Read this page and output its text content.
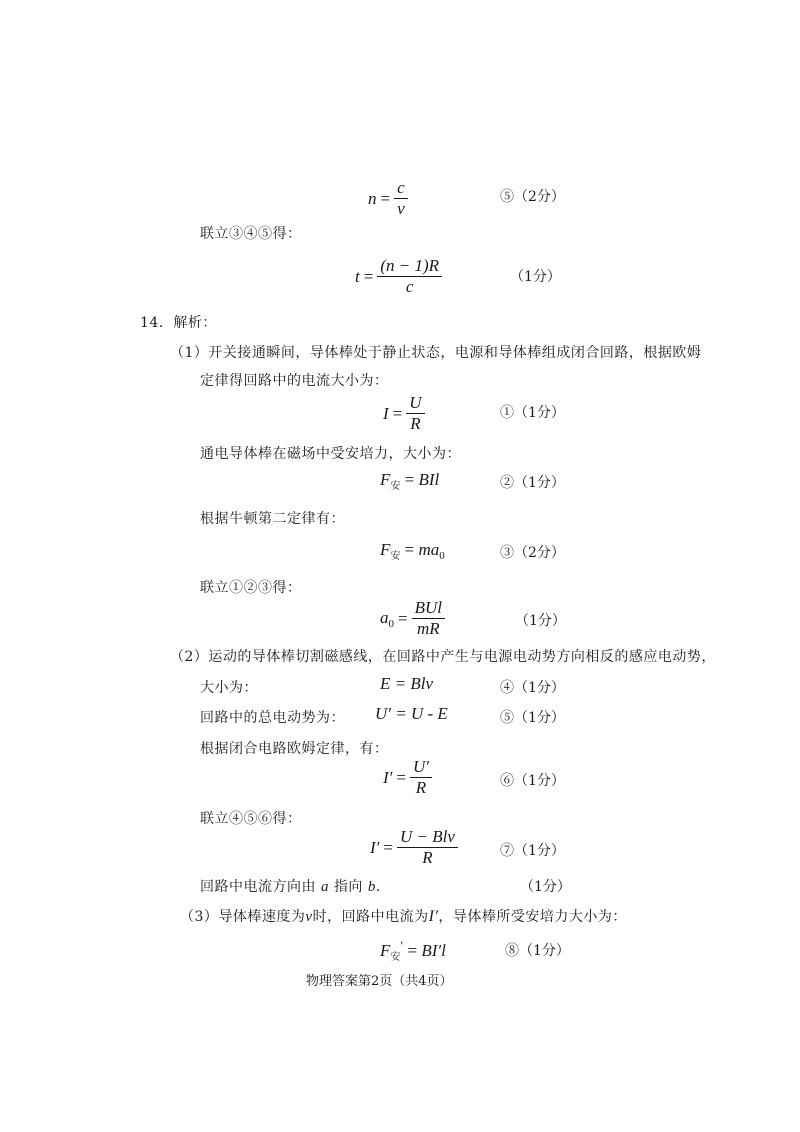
$n = \frac{c}{v}$	⑤（2分）
联立③④⑤得：
$t = \frac{(n - 1)R}{c}$	（1分）
14．解析：
（1）开关接通瞬间，导体棒处于静止状态，电源和导体棒组成闭合回路，根据欧姆
定律得回路中的电流大小为：
$I = \frac{U}{R}$	①（1分）
通电导体棒在磁场中受安培力，大小为：
$F_安$ = BIl	②（1分）
根据牛顿第二定律有：
$F_安 = ma_0$	③（2分）
联立①②③得：
$a_0 = \frac{\text{BUl}}{mR}$	（1分）
（2）运动的导体棒切割磁感线，在回路中产生与电源电动势方向相反的感应电动势，
大小为：	E = Blv	④（1分）
回路中的总电动势为： U′ = U - E	⑤（1分）
根据闭合电路欧姆定律，有：
$I' = \frac{U'}{R}$	⑥（1分）
联立④⑤⑥得：
$I' = \frac{\text{U − Blv}}{R}$	⑦（1分）
回路中电流方向由 a 指向 b.	（1分）
（3）导体棒速度为v时，回路中电流为I′，导体棒所受安培力大小为：
$F_安' = BI'l$	⑧（1分）
物理答案第2页（共4页）
